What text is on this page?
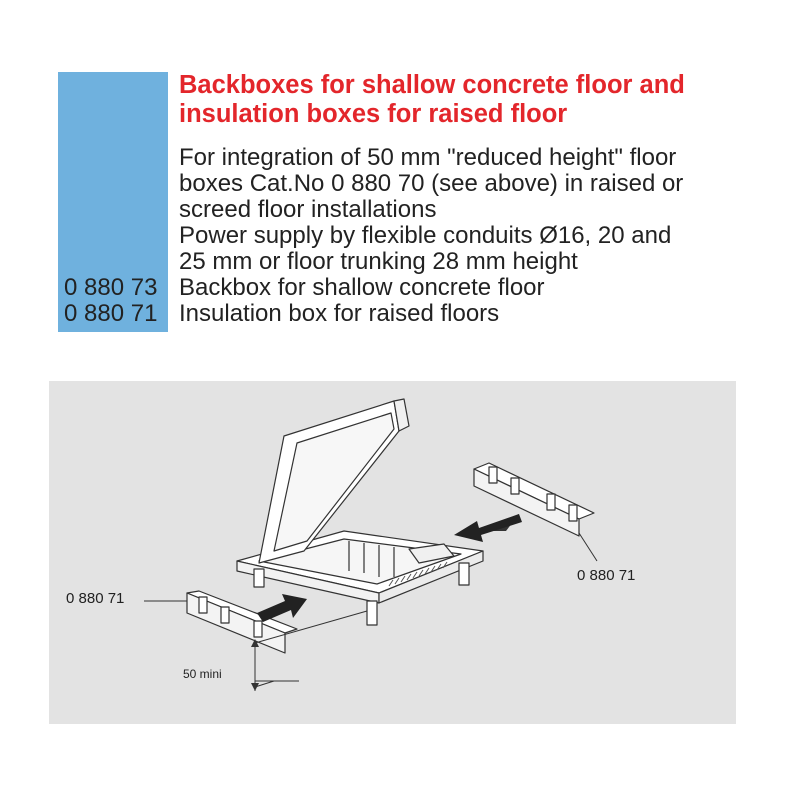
Backboxes for shallow concrete floor and
insulation boxes for raised floor
For integration of 50 mm "reduced height" floor
boxes Cat.No 0 880 70 (see above) in raised or
screed floor installations
Power supply by flexible conduits Ø16, 20 and
25 mm or floor trunking 28 mm height
0 880 73
0 880 71
Backbox for shallow concrete floor
Insulation box for raised floors
0 880 71
0 880 71
50 mini
